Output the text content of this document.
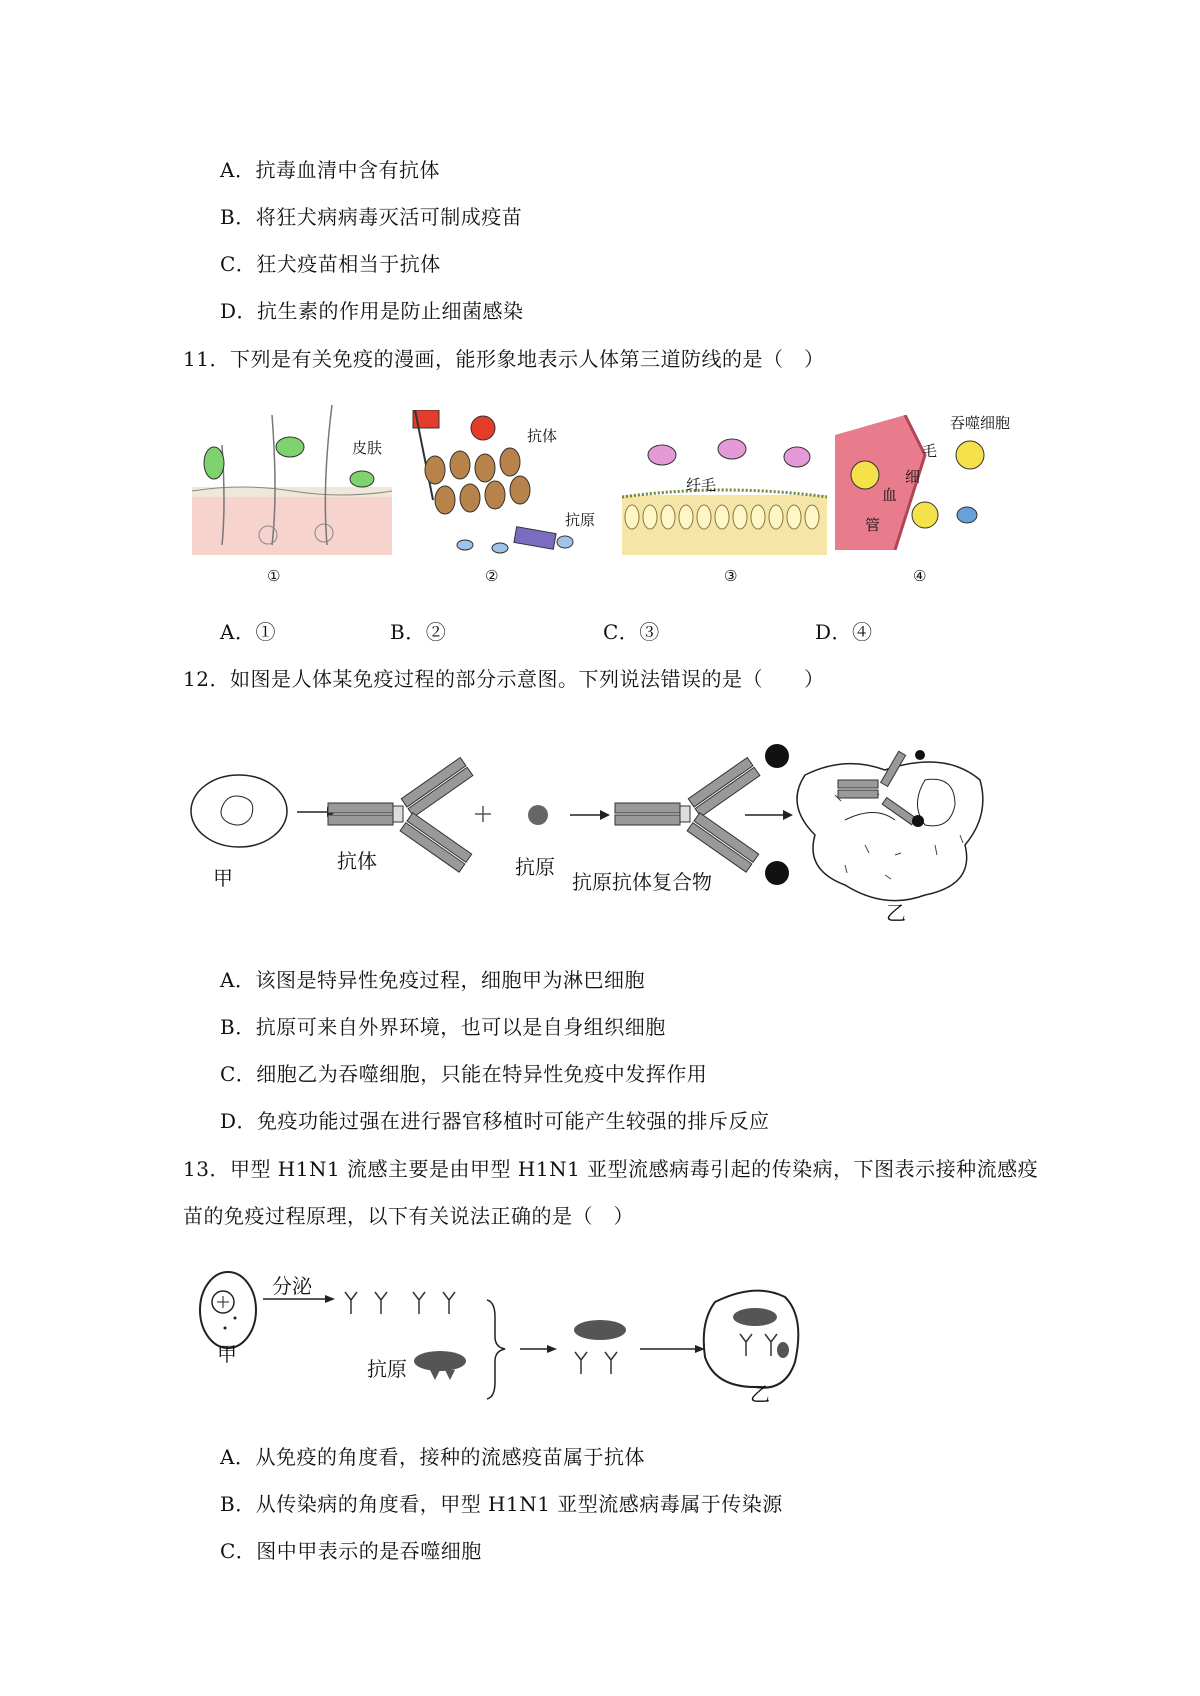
A．抗毒血清中含有抗体
B．将狂犬病病毒灭活可制成疫苗
C．狂犬疫苗相当于抗体
D．抗生素的作用是防止细菌感染
11．下列是有关免疫的漫画，能形象地表示人体第三道防线的是（　）
皮肤
①
抗体
抗原
②
纤毛
③
吞噬细胞
毛
细
血
管
④
A．①	B．②	C．③	D．④
12．如图是人体某免疫过程的部分示意图。下列说法错误的是（　　）
甲
抗体	抗原
抗原抗体复合物
乙
A．该图是特异性免疫过程，细胞甲为淋巴细胞
B．抗原可来自外界环境，也可以是自身组织细胞
C．细胞乙为吞噬细胞，只能在特异性免疫中发挥作用
D．免疫功能过强在进行器官移植时可能产生较强的排斥反应
13．甲型 H1N1 流感主要是由甲型 H1N1 亚型流感病毒引起的传染病，下图表示接种流感疫
苗的免疫过程原理，以下有关说法正确的是（　）
分泌
甲
抗原
乙
A．从免疫的角度看，接种的流感疫苗属于抗体
B．从传染病的角度看，甲型 H1N1 亚型流感病毒属于传染源
C．图中甲表示的是吞噬细胞
